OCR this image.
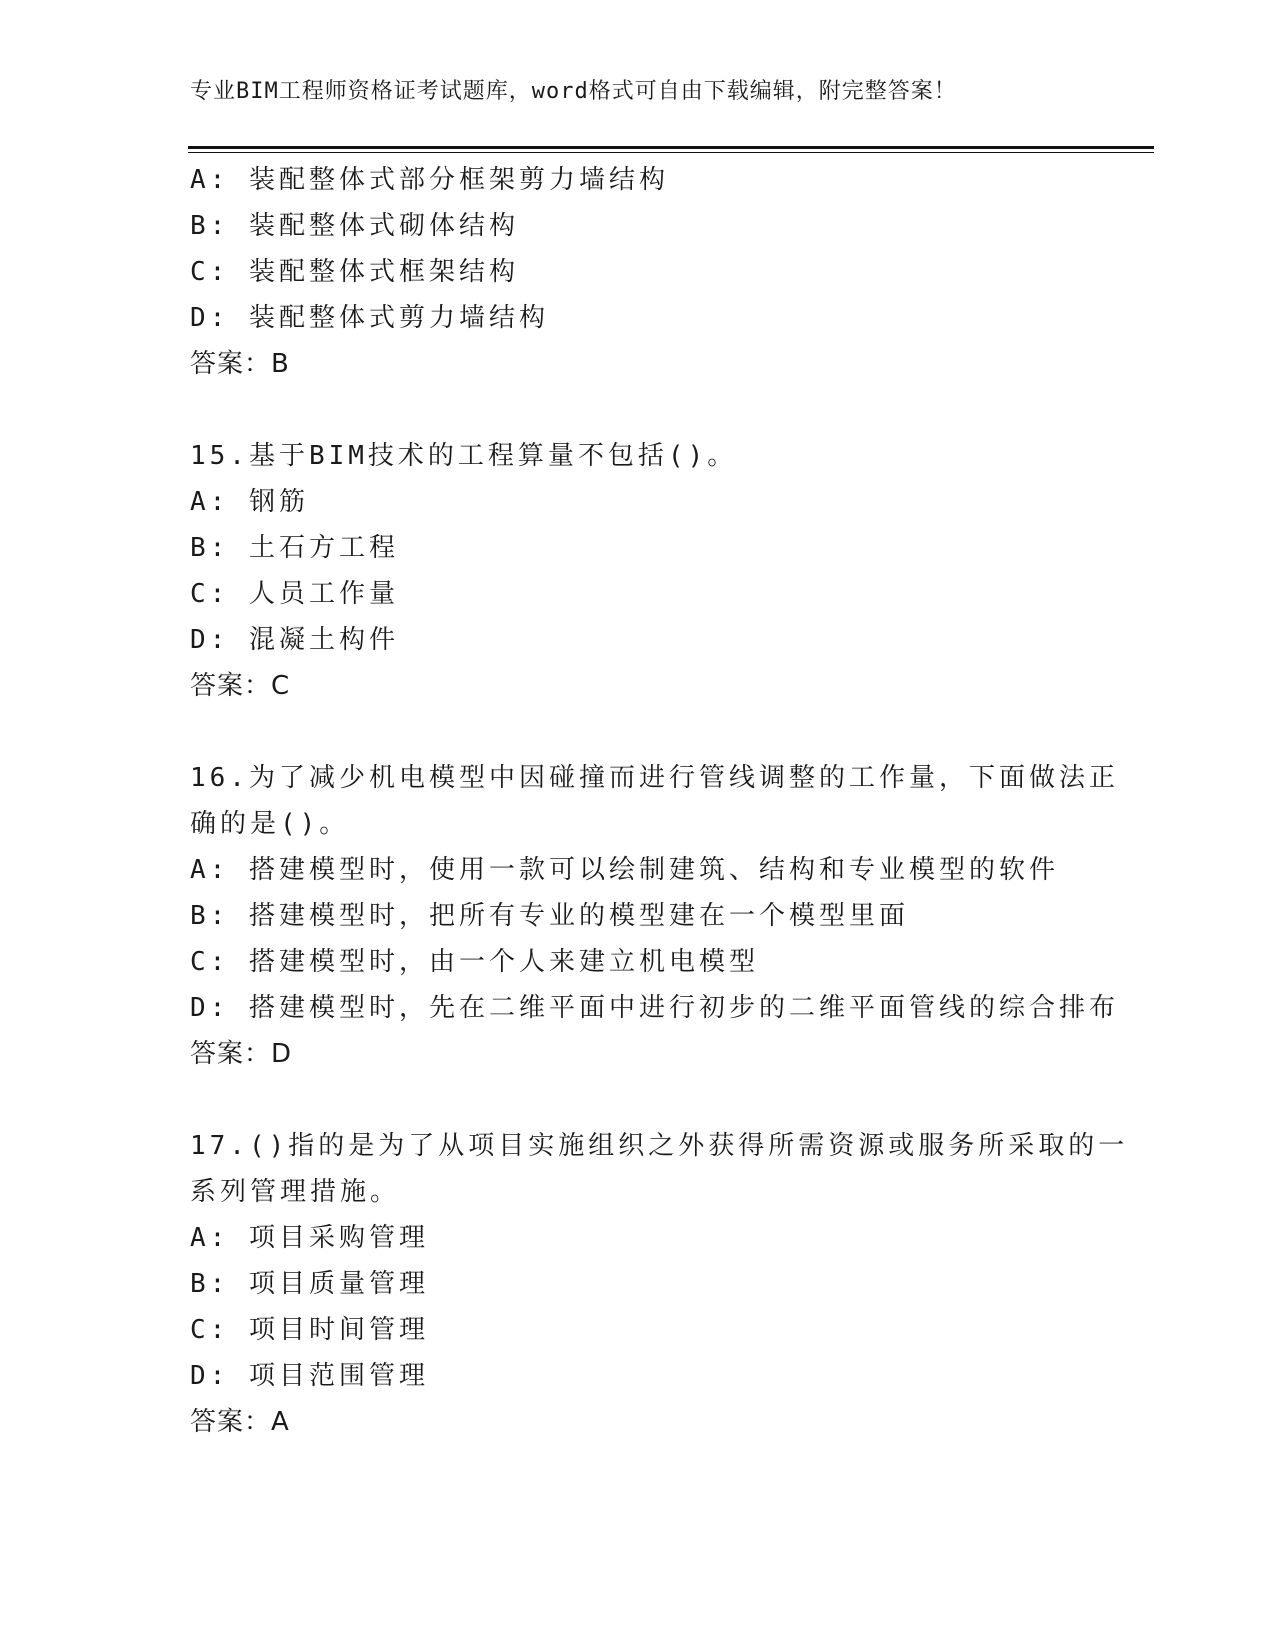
专业BIM工程师资格证考试题库，word格式可自由下载编辑，附完整答案！
A: 装配整体式部分框架剪力墙结构
B: 装配整体式砌体结构
C: 装配整体式框架结构
D: 装配整体式剪力墙结构
答案：B
15.基于BIM技术的工程算量不包括()。
A: 钢筋
B: 土石方工程
C: 人员工作量
D: 混凝土构件
答案：C
16.为了减少机电模型中因碰撞而进行管线调整的工作量，下面做法正
确的是()。
A: 搭建模型时，使用一款可以绘制建筑、结构和专业模型的软件
B: 搭建模型时，把所有专业的模型建在一个模型里面
C: 搭建模型时，由一个人来建立机电模型
D: 搭建模型时，先在二维平面中进行初步的二维平面管线的综合排布
答案：D
17.()指的是为了从项目实施组织之外获得所需资源或服务所采取的一
系列管理措施。
A: 项目采购管理
B: 项目质量管理
C: 项目时间管理
D: 项目范围管理
答案：A
